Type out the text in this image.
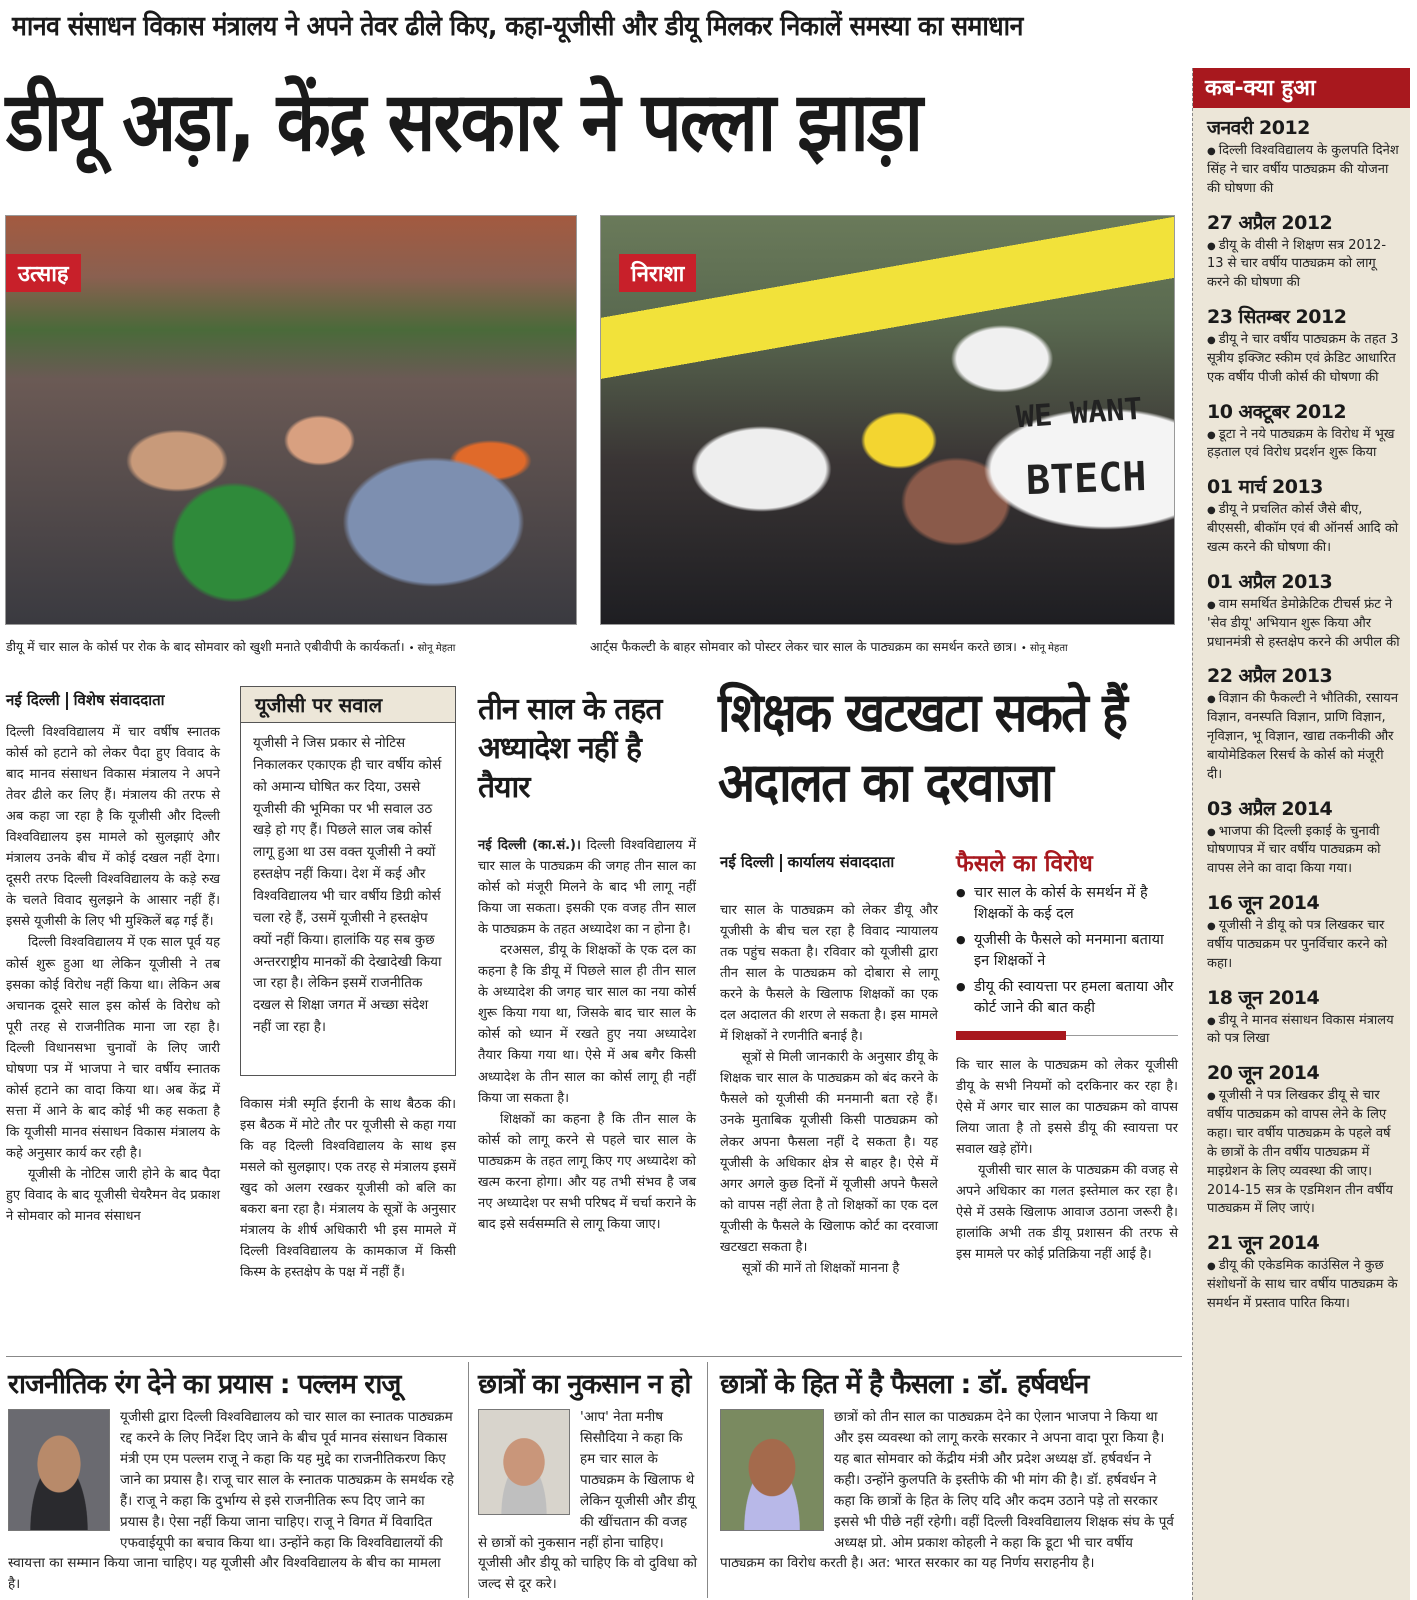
मानव संसाधन विकास मंत्रालय ने अपने तेवर ढीले किए, कहा-यूजीसी और डीयू मिलकर निकालें समस्या का समाधान
डीयू अड़ा, केंद्र सरकार ने पल्ला झाड़ा
उत्साह
डीयू में चार साल के कोर्स पर रोक के बाद सोमवार को खुशी मनाते एबीवीपी के कार्यकर्ता। • सोनू मेहता
निराशा
WE WANT
BTECH
आर्ट्स फैकल्टी के बाहर सोमवार को पोस्टर लेकर चार साल के पाठ्यक्रम का समर्थन करते छात्र। • सोनू मेहता
कब-क्या हुआ
जनवरी 2012
● दिल्ली विश्वविद्यालय के कुलपति दिनेश सिंह ने चार वर्षीय पाठ्यक्रम की योजना की घोषणा की
27 अप्रैल 2012
● डीयू के वीसी ने शिक्षण सत्र 2012-13 से चार वर्षीय पाठ्यक्रम को लागू करने की घोषणा की
23 सितम्बर 2012
● डीयू ने चार वर्षीय पाठ्यक्रम के तहत 3 सूत्रीय इक्जिट स्कीम एवं क्रेडिट आधारित एक वर्षीय पीजी कोर्स की घोषणा की
10 अक्टूबर 2012
● डूटा ने नये पाठ्यक्रम के विरोध में भूख हड़ताल एवं विरोध प्रदर्शन शुरू किया
01 मार्च 2013
● डीयू ने प्रचलित कोर्स जैसे बीए, बीएससी, बीकॉम एवं बी ऑनर्स आदि को खत्म करने की घोषणा की।
01 अप्रैल 2013
● वाम समर्थित डेमोक्रेटिक टीचर्स फ्रंट ने 'सेव डीयू' अभियान शुरू किया और प्रधानमंत्री से हस्तक्षेप करने की अपील की
22 अप्रैल 2013
● विज्ञान की फैकल्टी ने भौतिकी, रसायन विज्ञान, वनस्पति विज्ञान, प्राणि विज्ञान, नृविज्ञान, भू विज्ञान, खाद्य तकनीकी और बायोमेडिकल रिसर्च के कोर्स को मंजूरी दी।
03 अप्रैल 2014
● भाजपा की दिल्ली इकाई के चुनावी घोषणापत्र में चार वर्षीय पाठ्यक्रम को वापस लेने का वादा किया गया।
16 जून 2014
● यूजीसी ने डीयू को पत्र लिखकर चार वर्षीय पाठ्यक्रम पर पुनर्विचार करने को कहा।
18 जून 2014
● डीयू ने मानव संसाधन विकास मंत्रालय को पत्र लिखा
20 जून 2014
● यूजीसी ने पत्र लिखकर डीयू से चार वर्षीय पाठ्यक्रम को वापस लेने के लिए कहा। चार वर्षीय पाठ्यक्रम के पहले वर्ष के छात्रों के तीन वर्षीय पाठ्यक्रम में माइग्रेशन के लिए व्यवस्था की जाए। 2014-15 सत्र के एडमिशन तीन वर्षीय पाठ्यक्रम में लिए जाएं।
21 जून 2014
● डीयू की एकेडमिक काउंसिल ने कुछ संशोधनों के साथ चार वर्षीय पाठ्यक्रम के समर्थन में प्रस्ताव पारित किया।
नई दिल्ली विशेष संवाददाता

दिल्ली विश्वविद्यालय में चार वर्षीष स्नातक कोर्स को हटाने को लेकर पैदा हुए विवाद के बाद मानव संसाधन विकास मंत्रालय ने अपने तेवर ढीले कर लिए हैं। मंत्रालय की तरफ से अब कहा जा रहा है कि यूजीसी और दिल्ली विश्वविद्यालय इस मामले को सुलझाएं और मंत्रालय उनके बीच में कोई दखल नहीं देगा। दूसरी तरफ दिल्ली विश्वविद्यालय के कड़े रुख के चलते विवाद सुलझने के आसार नहीं हैं। इससे यूजीसी के लिए भी मुश्किलें बढ़ गई हैं।

दिल्ली विश्वविद्यालय में एक साल पूर्व यह कोर्स शुरू हुआ था लेकिन यूजीसी ने तब इसका कोई विरोध नहीं किया था। लेकिन अब अचानक दूसरे साल इस कोर्स के विरोध को पूरी तरह से राजनीतिक माना जा रहा है। दिल्ली विधानसभा चुनावों के लिए जारी घोषणा पत्र में भाजपा ने चार वर्षीय स्नातक कोर्स हटाने का वादा किया था। अब केंद्र में सत्ता में आने के बाद कोई भी कह सकता है कि यूजीसी मानव संसाधन विकास मंत्रालय के कहे अनुसार कार्य कर रही है।

यूजीसी के नोटिस जारी होने के बाद पैदा हुए विवाद के बाद यूजीसी चेयरैमन वेद प्रकाश ने सोमवार को मानव संसाधन

यूजीसी पर सवाल
यूजीसी ने जिस प्रकार से नोटिस निकालकर एकाएक ही चार वर्षीय कोर्स को अमान्य घोषित कर दिया, उससे यूजीसी की भूमिका पर भी सवाल उठ खड़े हो गए हैं। पिछले साल जब कोर्स लागू हुआ था उस वक्त यूजीसी ने क्यों हस्तक्षेप नहीं किया। देश में कई और विश्वविद्यालय भी चार वर्षीय डिग्री कोर्स चला रहे हैं, उसमें यूजीसी ने हस्तक्षेप क्यों नहीं किया। हालांकि यह सब कुछ अन्तरराष्ट्रीय मानकों की देखादेखी किया जा रहा है। लेकिन इसमें राजनीतिक दखल से शिक्षा जगत में अच्छा संदेश नहीं जा रहा है।
विकास मंत्री स्मृति ईरानी के साथ बैठक की। इस बैठक में मोटे तौर पर यूजीसी से कहा गया कि वह दिल्ली विश्वविद्यालय के साथ इस मसले को सुलझाए। एक तरह से मंत्रालय इसमें खुद को अलग रखकर यूजीसी को बलि का बकरा बना रहा है। मंत्रालय के सूत्रों के अनुसार मंत्रालय के शीर्ष अधिकारी भी इस मामले में दिल्ली विश्वविद्यालय के कामकाज में किसी किस्म के हस्तक्षेप के पक्ष में नहीं हैं।
तीन साल के तहत अध्यादेश नहीं है तैयार

नई दिल्ली (का.सं.)। दिल्ली विश्वविद्यालय में चार साल के पाठ्यक्रम की जगह तीन साल का कोर्स को मंजूरी मिलने के बाद भी लागू नहीं किया जा सकता। इसकी एक वजह तीन साल के पाठ्यक्रम के तहत अध्यादेश का न होना है।

दरअसल, डीयू के शिक्षकों के एक दल का कहना है कि डीयू में पिछले साल ही तीन साल के अध्यादेश की जगह चार साल का नया कोर्स शुरू किया गया था, जिसके बाद चार साल के कोर्स को ध्यान में रखते हुए नया अध्यादेश तैयार किया गया था। ऐसे में अब बगैर किसी अध्यादेश के तीन साल का कोर्स लागू ही नहीं किया जा सकता है।

शिक्षकों का कहना है कि तीन साल के कोर्स को लागू करने से पहले चार साल के पाठ्यक्रम के तहत लागू किए गए अध्यादेश को खत्म करना होगा। और यह तभी संभव है जब नए अध्यादेश पर सभी परिषद में चर्चा कराने के बाद इसे सर्वसम्मति से लागू किया जाए।

शिक्षक खटखटा सकते हैं अदालत का दरवाजा
नई दिल्ली कार्यालय संवाददाता

चार साल के पाठ्यक्रम को लेकर डीयू और यूजीसी के बीच चल रहा है विवाद न्यायालय तक पहुंच सकता है। रविवार को यूजीसी द्वारा तीन साल के पाठ्यक्रम को दोबारा से लागू करने के फैसले के खिलाफ शिक्षकों का एक दल अदालत की शरण ले सकता है। इस मामले में शिक्षकों ने रणनीति बनाई है।

सूत्रों से मिली जानकारी के अनुसार डीयू के शिक्षक चार साल के पाठ्यक्रम को बंद करने के फैसले को यूजीसी की मनमानी बता रहे हैं। उनके मुताबिक यूजीसी किसी पाठ्यक्रम को लेकर अपना फैसला नहीं दे सकता है। यह यूजीसी के अधिकार क्षेत्र से बाहर है। ऐसे में अगर अगले कुछ दिनों में यूजीसी अपने फैसले को वापस नहीं लेता है तो शिक्षकों का एक दल यूजीसी के फैसले के खिलाफ कोर्ट का दरवाजा खटखटा सकता है।

सूत्रों की मानें तो शिक्षकों मानना है

फैसले का विरोध
● चार साल के कोर्स के समर्थन में है शिक्षकों के कई दल
● यूजीसी के फैसले को मनमाना बताया इन शिक्षकों ने
● डीयू की स्वायत्ता पर हमला बताया और कोर्ट जाने की बात कही

कि चार साल के पाठ्यक्रम को लेकर यूजीसी डीयू के सभी नियमों को दरकिनार कर रहा है। ऐसे में अगर चार साल का पाठ्यक्रम को वापस लिया जाता है तो इससे डीयू की स्वायत्ता पर सवाल खड़े होंगे।

यूजीसी चार साल के पाठ्यक्रम की वजह से अपने अधिकार का गलत इस्तेमाल कर रहा है। ऐसे में उसके खिलाफ आवाज उठाना जरूरी है। हालांकि अभी तक डीयू प्रशासन की तरफ से इस मामले पर कोई प्रतिक्रिया नहीं आई है।

राजनीतिक रंग देने का प्रयास : पल्लम राजू
यूजीसी द्वारा दिल्ली विश्वविद्यालय को चार साल का स्नातक पाठ्यक्रम रद्द करने के लिए निर्देश दिए जाने के बीच पूर्व मानव संसाधन विकास मंत्री एम एम पल्लम राजू ने कहा कि यह मुद्दे का राजनीतिकरण किए जाने का प्रयास है। राजू चार साल के स्नातक पाठ्यक्रम के समर्थक रहे हैं। राजू ने कहा कि दुर्भाग्य से इसे राजनीतिक रूप दिए जाने का प्रयास है। ऐसा नहीं किया जाना चाहिए। राजू ने विगत में विवादित एफवाईयूपी का बचाव किया था। उन्होंने कहा कि विश्वविद्यालयों की स्वायत्ता का सम्मान किया जाना चाहिए। यह यूजीसी और विश्वविद्यालय के बीच का मामला है।
छात्रों का नुकसान न हो
'आप' नेता मनीष सिसौदिया ने कहा कि हम चार साल के पाठ्यक्रम के खिलाफ थे लेकिन यूजीसी और डीयू की खींचतान की वजह से छात्रों को नुकसान नहीं होना चाहिए। यूजीसी और डीयू को चाहिए कि वो दुविधा को जल्द से दूर करे।
छात्रों के हित में है फैसला : डॉ. हर्षवर्धन
छात्रों को तीन साल का पाठ्यक्रम देने का ऐलान भाजपा ने किया था और इस व्यवस्था को लागू करके सरकार ने अपना वादा पूरा किया है। यह बात सोमवार को केंद्रीय मंत्री और प्रदेश अध्यक्ष डॉ. हर्षवर्धन ने कही। उन्होंने कुलपति के इस्तीफे की भी मांग की है। डॉ. हर्षवर्धन ने कहा कि छात्रों के हित के लिए यदि और कदम उठाने पड़े तो सरकार इससे भी पीछे नहीं रहेगी। वहीं दिल्ली विश्वविद्यालय शिक्षक संघ के पूर्व अध्यक्ष प्रो. ओम प्रकाश कोहली ने कहा कि डूटा भी चार वर्षीय पाठ्यक्रम का विरोध करती है। अत: भारत सरकार का यह निर्णय सराहनीय है।
